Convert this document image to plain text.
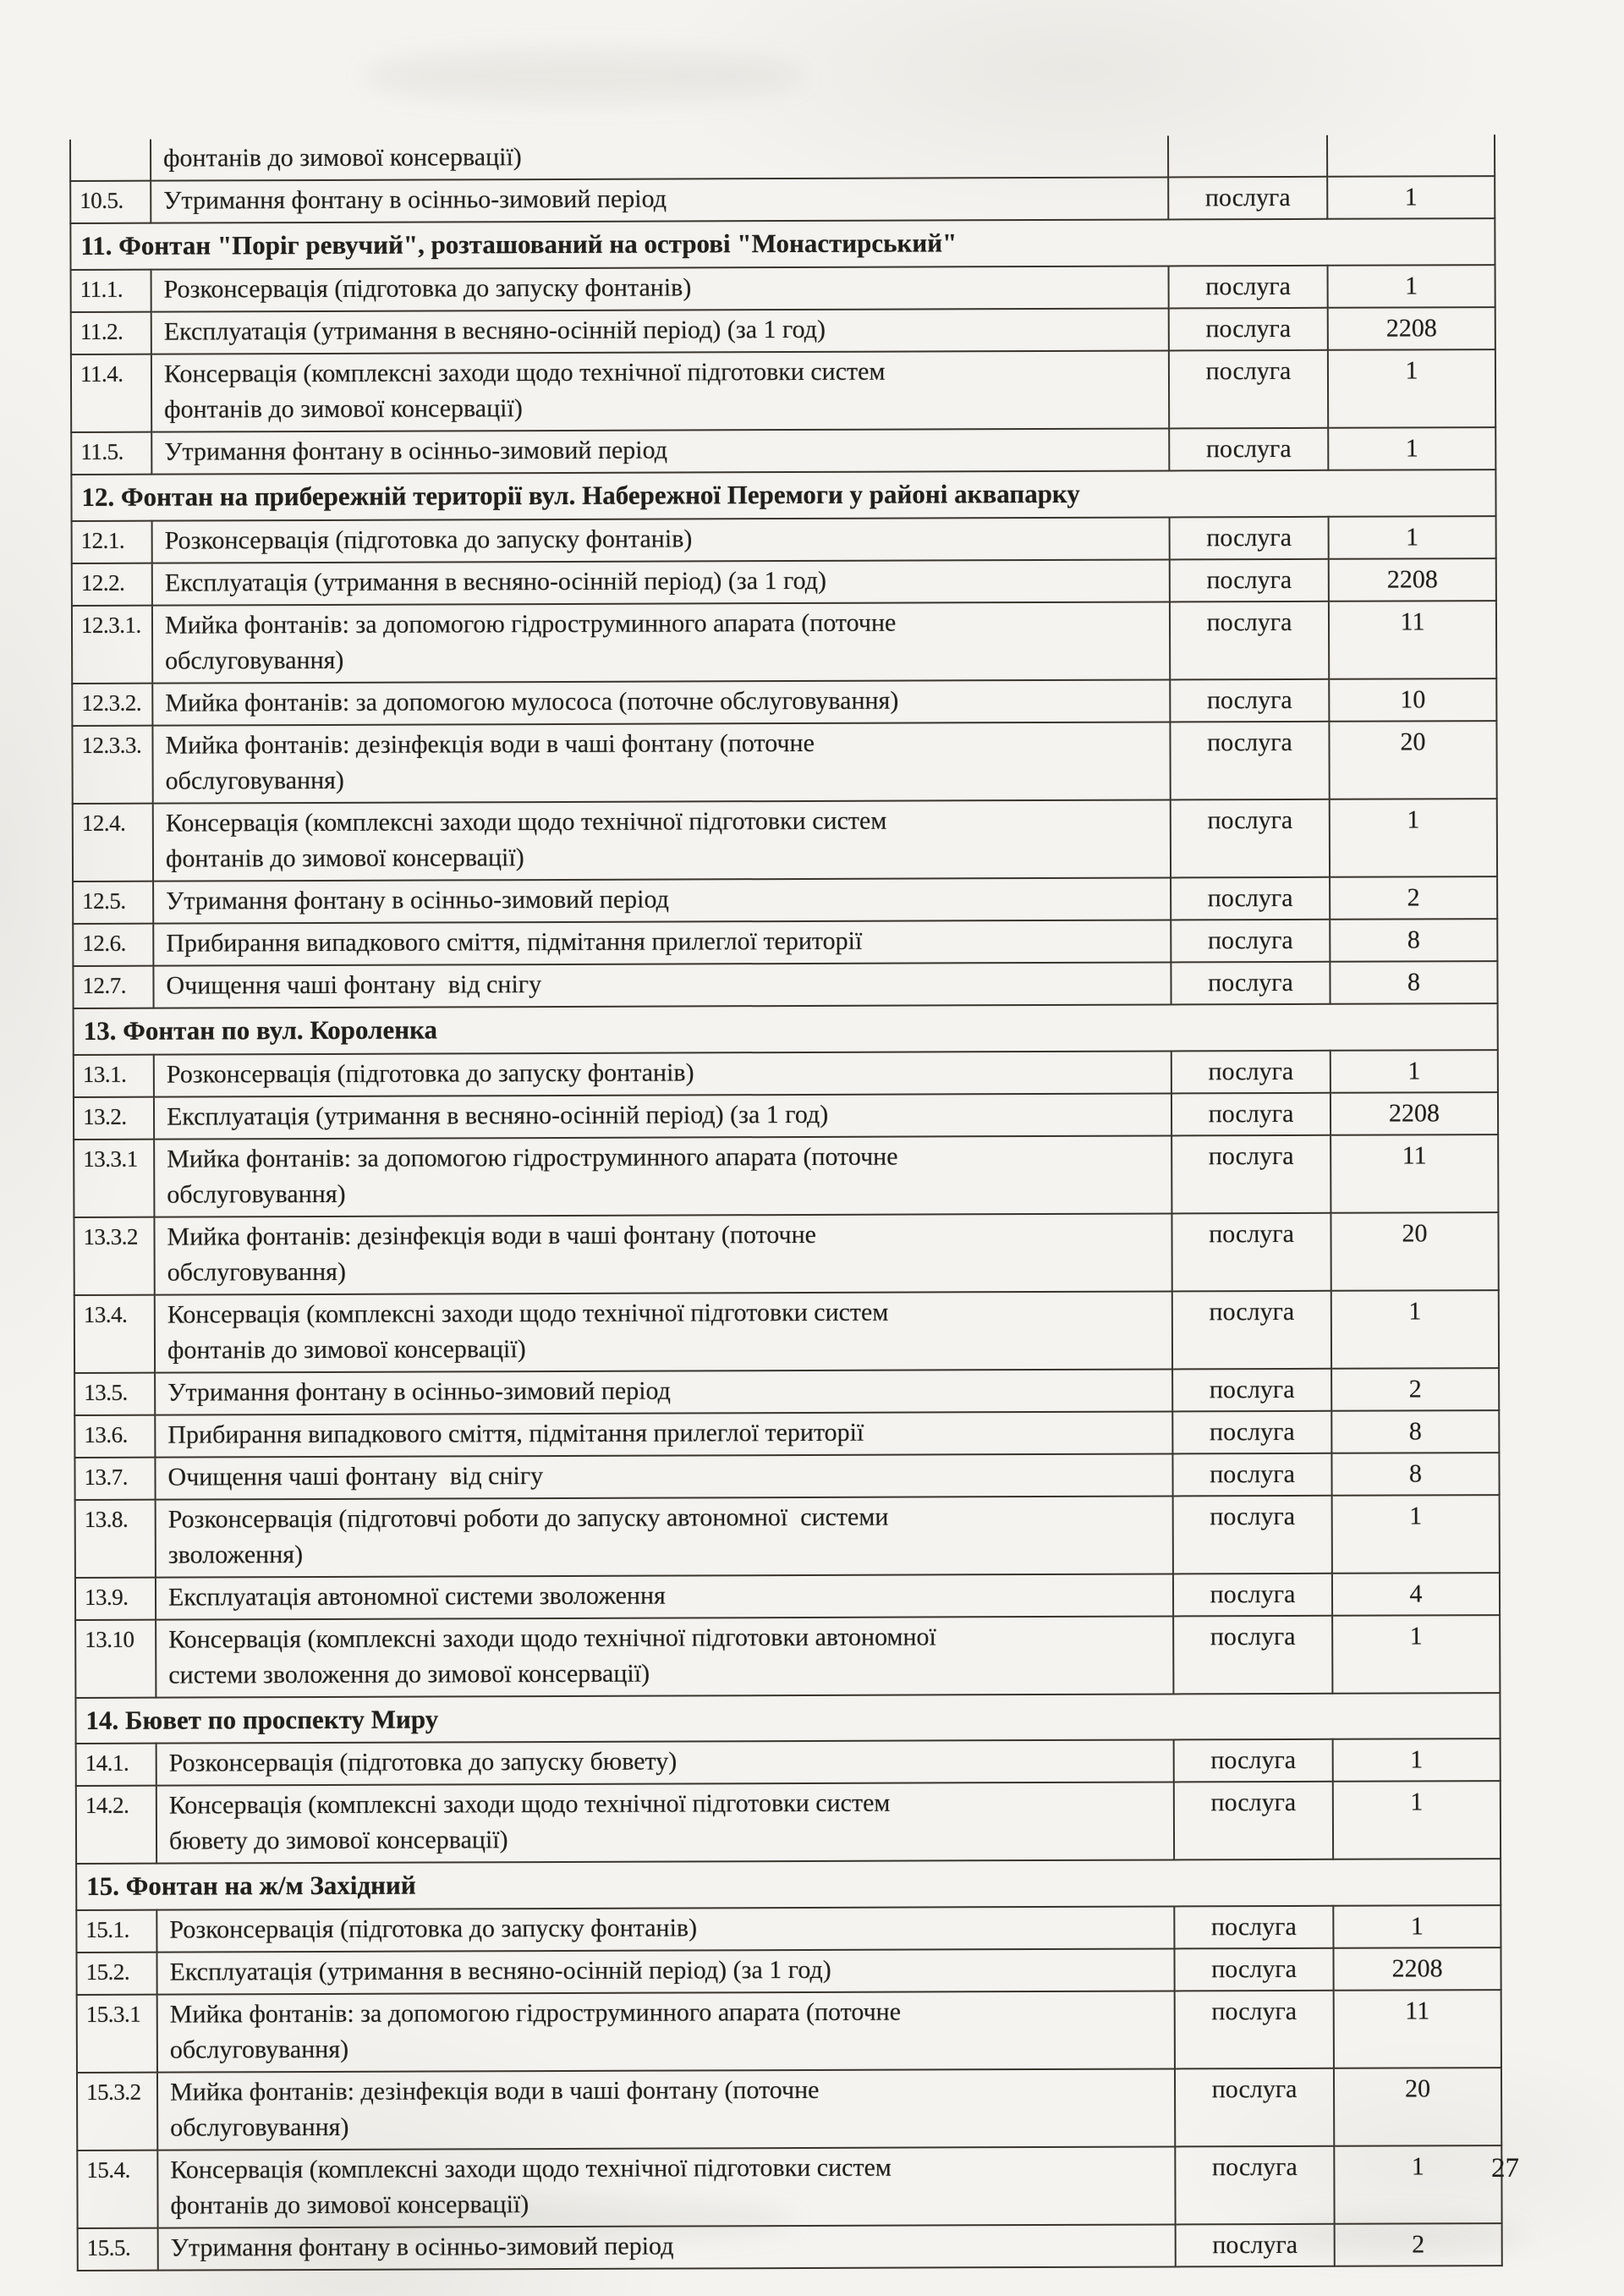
	фонтанів до зимової консервації)		
10.5.	Утримання фонтану в осінньо-зимовий період	послуга	1
11. Фонтан "Поріг ревучий", розташований на острові "Монастирський"			
11.1.	Розконсервація (підготовка до запуску фонтанів)	послуга	1
11.2.	Експлуатація (утримання в весняно-осінній період) (за 1 год)	послуга	2208
11.4.	Консервація (комплексні заходи щодо технічної підготовки систем
фонтанів до зимової консервації)	послуга	1
11.5.	Утримання фонтану в осінньо-зимовий період	послуга	1
12. Фонтан на прибережній території вул. Набережної Перемоги у районі аквапарку			
12.1.	Розконсервація (підготовка до запуску фонтанів)	послуга	1
12.2.	Експлуатація (утримання в весняно-осінній період) (за 1 год)	послуга	2208
12.3.1.	Мийка фонтанів: за допомогою гідроструминного апарата (поточне
обслуговування)	послуга	11
12.3.2.	Мийка фонтанів: за допомогою мулососа (поточне обслуговування)	послуга	10
12.3.3.	Мийка фонтанів: дезінфекція води в чаші фонтану (поточне
обслуговування)	послуга	20
12.4.	Консервація (комплексні заходи щодо технічної підготовки систем
фонтанів до зимової консервації)	послуга	1
12.5.	Утримання фонтану в осінньо-зимовий період	послуга	2
12.6.	Прибирання випадкового сміття, підмітання прилеглої території	послуга	8
12.7.	Очищення чаші фонтану  від снігу	послуга	8
13. Фонтан по вул. Короленка			
13.1.	Розконсервація (підготовка до запуску фонтанів)	послуга	1
13.2.	Експлуатація (утримання в весняно-осінній період) (за 1 год)	послуга	2208
13.3.1	Мийка фонтанів: за допомогою гідроструминного апарата (поточне
обслуговування)	послуга	11
13.3.2	Мийка фонтанів: дезінфекція води в чаші фонтану (поточне
обслуговування)	послуга	20
13.4.	Консервація (комплексні заходи щодо технічної підготовки систем
фонтанів до зимової консервації)	послуга	1
13.5.	Утримання фонтану в осінньо-зимовий період	послуга	2
13.6.	Прибирання випадкового сміття, підмітання прилеглої території	послуга	8
13.7.	Очищення чаші фонтану  від снігу	послуга	8
13.8.	Розконсервація (підготовчі роботи до запуску автономної  системи
зволоження)	послуга	1
13.9.	Експлуатація автономної системи зволоження	послуга	4
13.10	Консервація (комплексні заходи щодо технічної підготовки автономної
системи зволоження до зимової консервації)	послуга	1
14. Бювет по проспекту Миру			
14.1.	Розконсервація (підготовка до запуску бювету)	послуга	1
14.2.	Консервація (комплексні заходи щодо технічної підготовки систем
бювету до зимової консервації)	послуга	1
15. Фонтан на ж/м Західний			
15.1.	Розконсервація (підготовка до запуску фонтанів)	послуга	1
15.2.	Експлуатація (утримання в весняно-осінній період) (за 1 год)	послуга	2208
15.3.1	Мийка фонтанів: за допомогою гідроструминного апарата (поточне
обслуговування)	послуга	11
15.3.2	Мийка фонтанів: дезінфекція води в чаші фонтану (поточне
обслуговування)	послуга	20
15.4.	Консервація (комплексні заходи щодо технічної підготовки систем
фонтанів до зимової консервації)	послуга	1
15.5.	Утримання фонтану в осінньо-зимовий період	послуга	2
27
